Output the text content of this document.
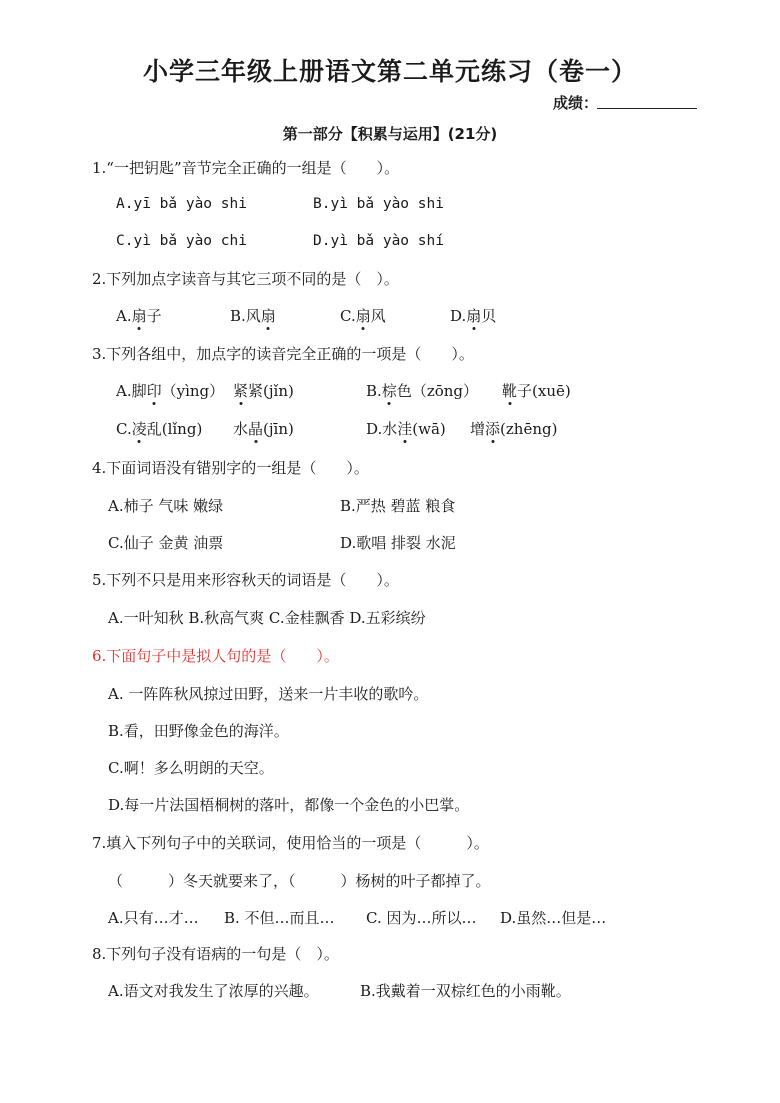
小学三年级上册语文第二单元练习（卷一）
成绩：
第一部分【积累与运用】(21分)
1.“一把钥匙”音节完全正确的一组是（　　）。
A.yī bǎ yào shi	B.yì bǎ yào shi
C.yì bǎ yào chi	D.yì bǎ yào shí
2.下列加点字读音与其它三项不同的是（　）。
A.扇子	B.风扇	C.扇风	D.扇贝
3.下列各组中，加点字的读音完全正确的一项是（　　）。
A.脚印（yìng） 紧紧(jǐn)	B.棕色（zōng） 靴子(xuē)
C.凌乱(lǐng) 水晶(jīn)	D.水洼(wā) 增添(zhēng)
4.下面词语没有错别字的一组是（　　）。
A.柿子 气味 嫩绿	B.严热 碧蓝 粮食
C.仙子 金黄 油票	D.歌唱 排裂 水泥
5.下列不只是用来形容秋天的词语是（　　）。
A.一叶知秋 B.秋高气爽 C.金桂飘香 D.五彩缤纷
6.下面句子中是拟人句的是（　　）。
A. 一阵阵秋风掠过田野，送来一片丰收的歌吟。
B.看，田野像金色的海洋。
C.啊！多么明朗的天空。
D.每一片法国梧桐树的落叶，都像一个金色的小巴掌。
7.填入下列句子中的关联词，使用恰当的一项是（　　　）。
（　　　）冬天就要来了，（　　　）杨树的叶子都掉了。
A.只有…才… B. 不但…而且… C. 因为…所以… D.虽然…但是…
8.下列句子没有语病的一句是（　）。
A.语文对我发生了浓厚的兴趣。	B.我戴着一双棕红色的小雨靴。
